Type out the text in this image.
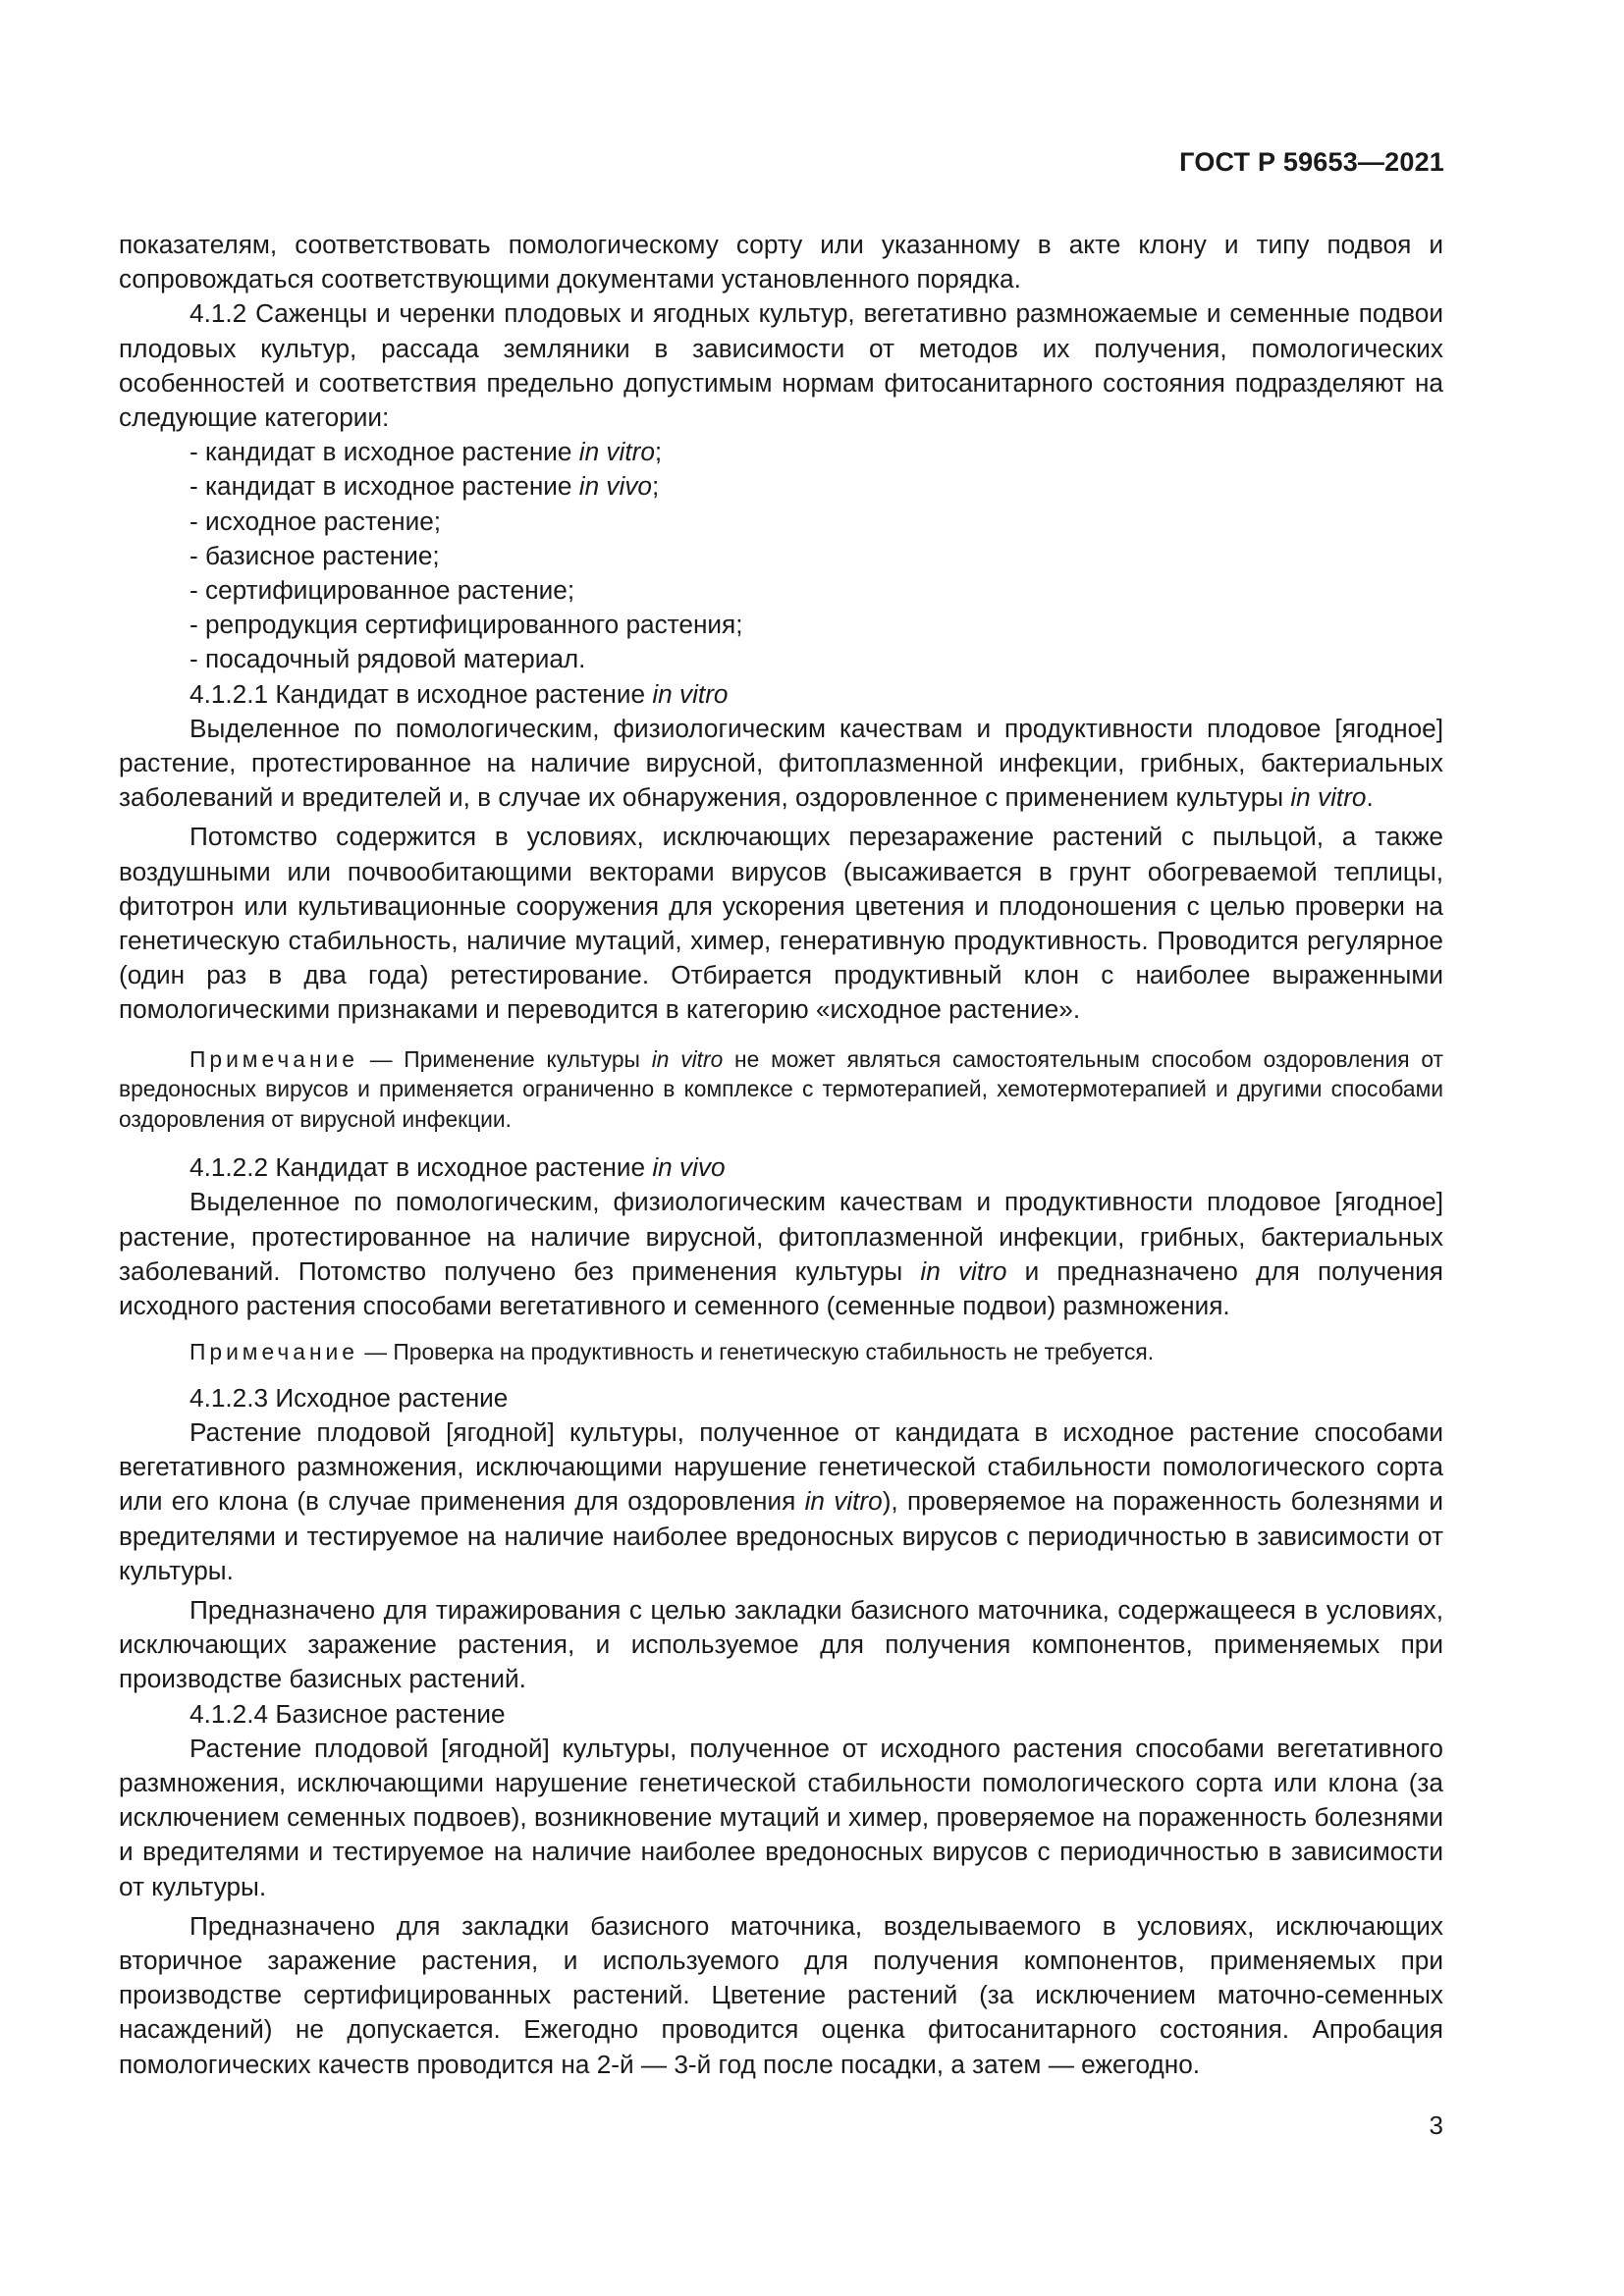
ГОСТ Р 59653—2021

показателям, соответствовать помологическому сорту или указанному в акте клону и типу подвоя и сопровождаться соответствующими документами установленного порядка.

4.1.2 Саженцы и черенки плодовых и ягодных культур, вегетативно размножаемые и семенные подвои плодовых культур, рассада земляники в зависимости от методов их получения, помологических особенностей и соответствия предельно допустимым нормам фитосанитарного состояния подразделяют на следующие категории:

- кандидат в исходное растение in vitro;

- кандидат в исходное растение in vivo;

- исходное растение;

- базисное растение;

- сертифицированное растение;

- репродукция сертифицированного растения;

- посадочный рядовой материал.

4.1.2.1 Кандидат в исходное растение in vitro

Выделенное по помологическим, физиологическим качествам и продуктивности плодовое [ягодное] растение, протестированное на наличие вирусной, фитоплазменной инфекции, грибных, бактериальных заболеваний и вредителей и, в случае их обнаружения, оздоровленное с применением культуры in vitro.

Потомство содержится в условиях, исключающих перезаражение растений с пыльцой, а также воздушными или почвообитающими векторами вирусов (высаживается в грунт обогреваемой теплицы, фитотрон или культивационные сооружения для ускорения цветения и плодоношения с целью проверки на генетическую стабильность, наличие мутаций, химер, генеративную продуктивность. Проводится регулярное (один раз в два года) ретестирование. Отбирается продуктивный клон с наиболее выраженными помологическими признаками и переводится в категорию «исходное растение».

Примечание — Применение культуры in vitro не может являться самостоятельным способом оздоровления от вредоносных вирусов и применяется ограниченно в комплексе с термотерапией, хемотермотерапией и другими способами оздоровления от вирусной инфекции.

4.1.2.2 Кандидат в исходное растение in vivo

Выделенное по помологическим, физиологическим качествам и продуктивности плодовое [ягодное] растение, протестированное на наличие вирусной, фитоплазменной инфекции, грибных, бактериальных заболеваний. Потомство получено без применения культуры in vitro и предназначено для получения исходного растения способами вегетативного и семенного (семенные подвои) размножения.

Примечание — Проверка на продуктивность и генетическую стабильность не требуется.

4.1.2.3 Исходное растение

Растение плодовой [ягодной] культуры, полученное от кандидата в исходное растение способами вегетативного размножения, исключающими нарушение генетической стабильности помологического сорта или его клона (в случае применения для оздоровления in vitro), проверяемое на пораженность болезнями и вредителями и тестируемое на наличие наиболее вредоносных вирусов с периодичностью в зависимости от культуры.

Предназначено для тиражирования с целью закладки базисного маточника, содержащееся в условиях, исключающих заражение растения, и используемое для получения компонентов, применяемых при производстве базисных растений.

4.1.2.4 Базисное растение

Растение плодовой [ягодной] культуры, полученное от исходного растения способами вегетативного размножения, исключающими нарушение генетической стабильности помологического сорта или клона (за исключением семенных подвоев), возникновение мутаций и химер, проверяемое на пораженность болезнями и вредителями и тестируемое на наличие наиболее вредоносных вирусов с периодичностью в зависимости от культуры.

Предназначено для закладки базисного маточника, возделываемого в условиях, исключающих вторичное заражение растения, и используемого для получения компонентов, применяемых при производстве сертифицированных растений. Цветение растений (за исключением маточно-семенных насаждений) не допускается. Ежегодно проводится оценка фитосанитарного состояния. Апробация помологических качеств проводится на 2-й — 3-й год после посадки, а затем — ежегодно.

3
